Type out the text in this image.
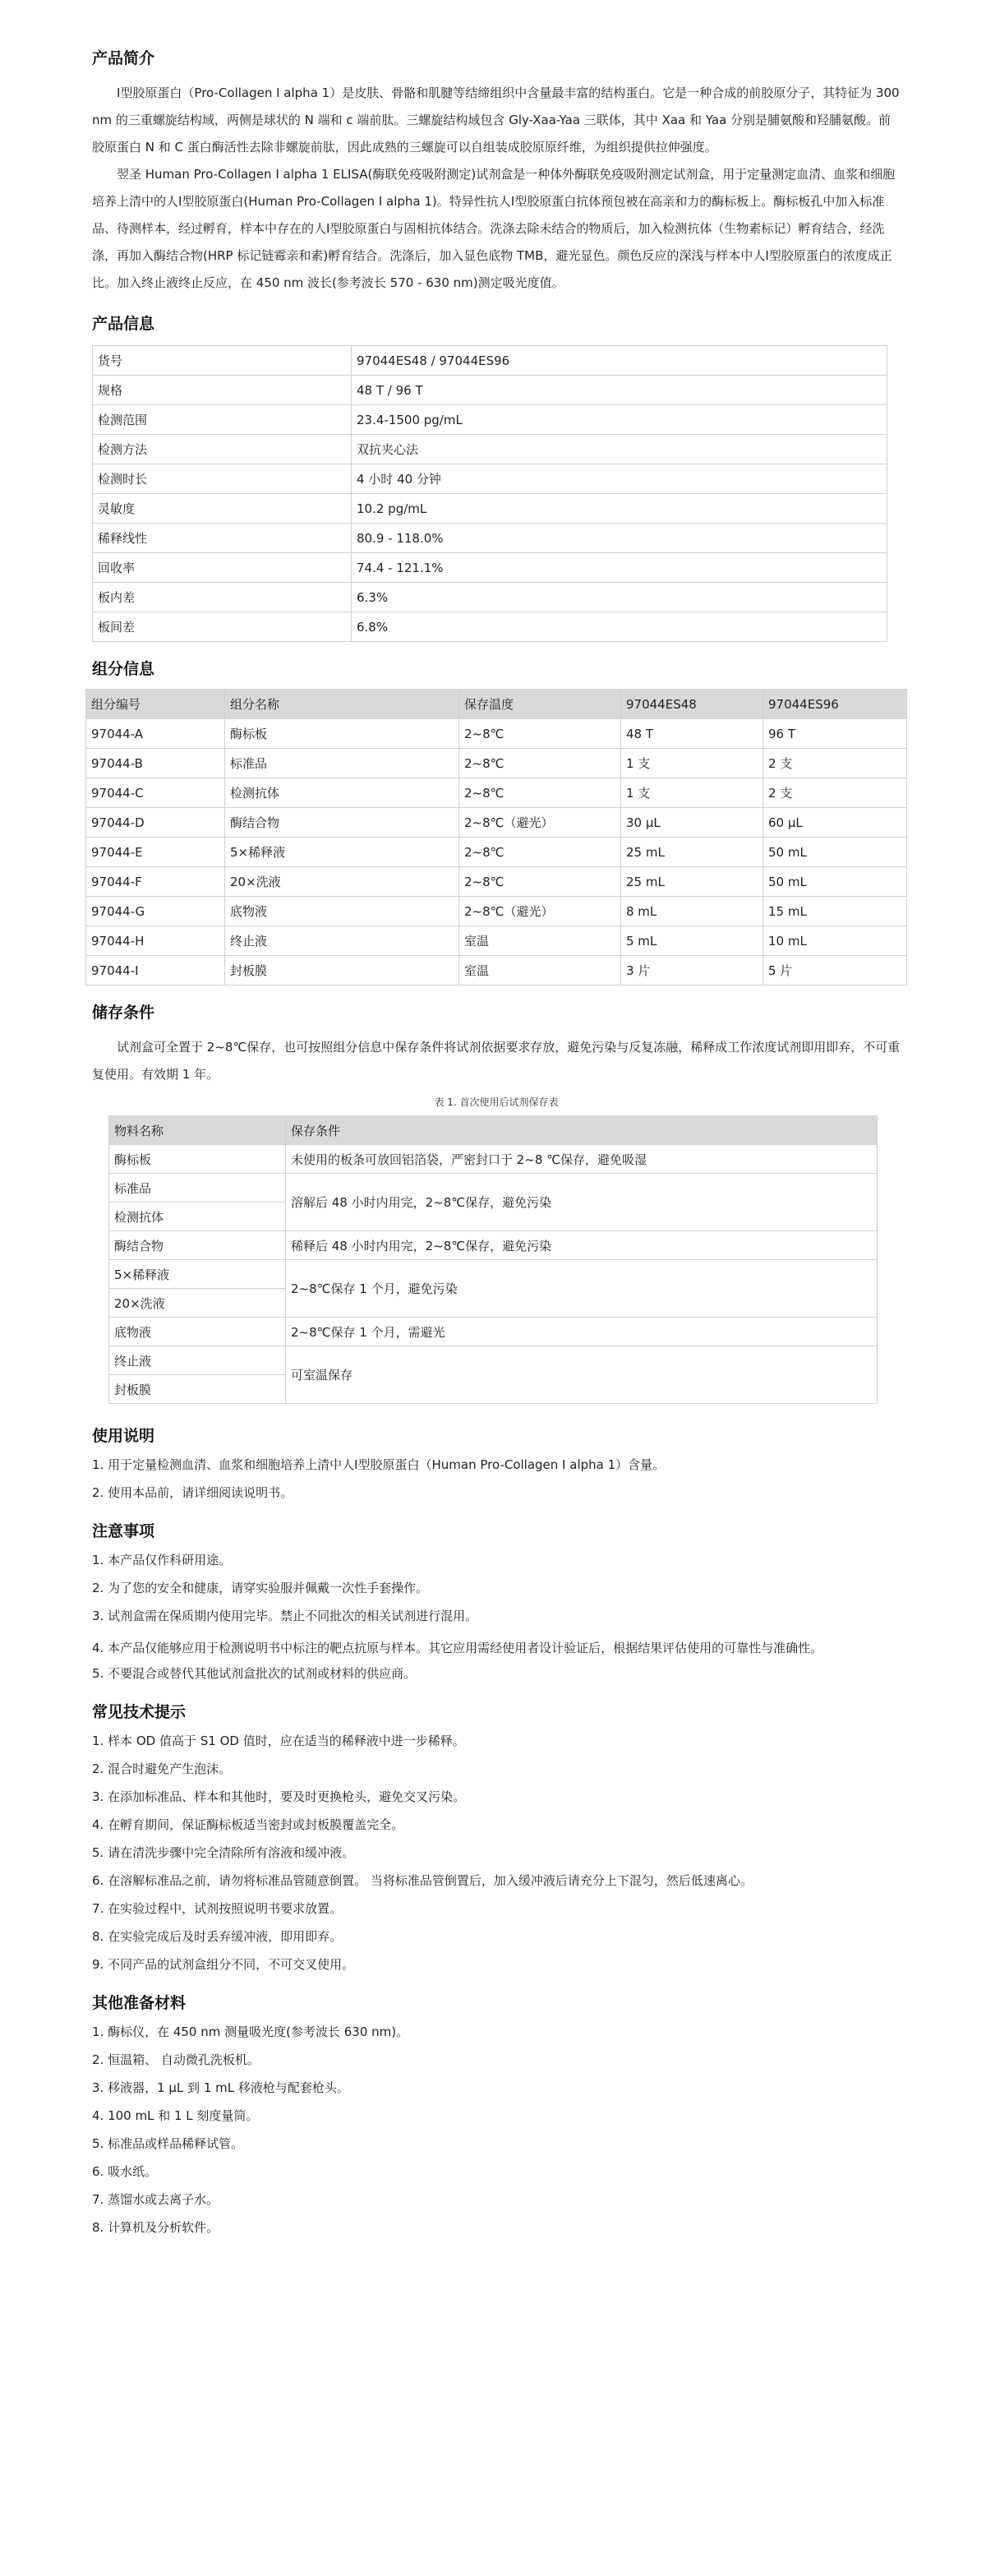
产品简介

Ⅰ型胶原蛋白（Pro-Collagen I alpha 1）是皮肤、骨骼和肌腱等结缔组织中含量最丰富的结构蛋白。它是一种合成的前胶原分子，其特征为 300 nm 的三重螺旋结构域，两侧是球状的 N 端和 c 端前肽。三螺旋结构域包含 Gly-Xaa-Yaa 三联体，其中 Xaa 和 Yaa 分别是脯氨酸和羟脯氨酸。前胶原蛋白 N 和 C 蛋白酶活性去除非螺旋前肽，因此成熟的三螺旋可以自组装成胶原原纤维，为组织提供拉伸强度。

翌圣 Human Pro-Collagen I alpha 1 ELISA(酶联免疫吸附测定)试剂盒是一种体外酶联免疫吸附测定试剂盒，用于定量测定血清、血浆和细胞培养上清中的人Ⅰ型胶原蛋白(Human Pro-Collagen I alpha 1)。特异性抗人Ⅰ型胶原蛋白抗体预包被在高亲和力的酶标板上。酶标板孔中加入标准品、待测样本，经过孵育，样本中存在的人Ⅰ型胶原蛋白与固相抗体结合。洗涤去除未结合的物质后，加入检测抗体（生物素标记）孵育结合，经洗涤，再加入酶结合物(HRP 标记链霉亲和素)孵育结合。洗涤后，加入显色底物 TMB，避光显色。颜色反应的深浅与样本中人Ⅰ型胶原蛋白的浓度成正比。加入终止液终止反应，在 450 nm 波长(参考波长 570 - 630 nm)测定吸光度值。

产品信息
货号	97044ES48 / 97044ES96
规格	48 T / 96 T
检测范围	23.4-1500 pg/mL
检测方法	双抗夹心法
检测时长	4 小时 40 分钟
灵敏度	10.2 pg/mL
稀释线性	80.9 - 118.0%
回收率	74.4 - 121.1%
板内差	6.3%
板间差	6.8%
组分信息
组分编号	组分名称	保存温度	97044ES48	97044ES96
97044-A	酶标板	2~8℃	48 T	96 T
97044-B	标准品	2~8℃	1 支	2 支
97044-C	检测抗体	2~8℃	1 支	2 支
97044-D	酶结合物	2~8℃（避光）	30 μL	60 μL
97044-E	5×稀释液	2~8℃	25 mL	50 mL
97044-F	20×洗液	2~8℃	25 mL	50 mL
97044-G	底物液	2~8℃（避光）	8 mL	15 mL
97044-H	终止液	室温	5 mL	10 mL
97044-I	封板膜	室温	3 片	5 片
储存条件

试剂盒可全置于 2~8℃保存，也可按照组分信息中保存条件将试剂依据要求存放，避免污染与反复冻融，稀释成工作浓度试剂即用即弃，不可重复使用。有效期 1 年。

表 1. 首次使用后试剂保存表
物料名称	保存条件
酶标板	未使用的板条可放回铝箔袋，严密封口于 2~8 ℃保存，避免吸湿
标准品	溶解后 48 小时内用完，2~8℃保存，避免污染
检测抗体	
酶结合物	稀释后 48 小时内用完，2~8℃保存，避免污染
5×稀释液	2~8℃保存 1 个月，避免污染
20×洗液	
底物液	2~8℃保存 1 个月，需避光
终止液	可室温保存
封板膜	
使用说明
1. 用于定量检测血清、血浆和细胞培养上清中人Ⅰ型胶原蛋白（Human Pro-Collagen I alpha 1）含量。
2. 使用本品前，请详细阅读说明书。
注意事项
1. 本产品仅作科研用途。
2. 为了您的安全和健康，请穿实验服并佩戴一次性手套操作。
3. 试剂盒需在保质期内使用完毕。禁止不同批次的相关试剂进行混用。
4. 本产品仅能够应用于检测说明书中标注的靶点抗原与样本。其它应用需经使用者设计验证后，根据结果评估使用的可靠性与准确性。
5. 不要混合或替代其他试剂盒批次的试剂或材料的供应商。
常见技术提示
1. 样本 OD 值高于 S1 OD 值时，应在适当的稀释液中进一步稀释。
2. 混合时避免产生泡沫。
3. 在添加标准品、样本和其他时，要及时更换枪头，避免交叉污染。
4. 在孵育期间，保证酶标板适当密封或封板膜覆盖完全。
5. 请在清洗步骤中完全清除所有溶液和缓冲液。
6. 在溶解标准品之前，请勿将标准品管随意倒置。 当将标准品管倒置后，加入缓冲液后请充分上下混匀，然后低速离心。
7. 在实验过程中，试剂按照说明书要求放置。
8. 在实验完成后及时丢弃缓冲液，即用即弃。
9. 不同产品的试剂盒组分不同，不可交叉使用。
其他准备材料
1. 酶标仪，在 450 nm 测量吸光度(参考波长 630 nm)。
2. 恒温箱、 自动微孔洗板机。
3. 移液器，1 μL 到 1 mL 移液枪与配套枪头。
4. 100 mL 和 1 L 刻度量筒。
5. 标准品或样品稀释试管。
6. 吸水纸。
7. 蒸馏水或去离子水。
8. 计算机及分析软件。
